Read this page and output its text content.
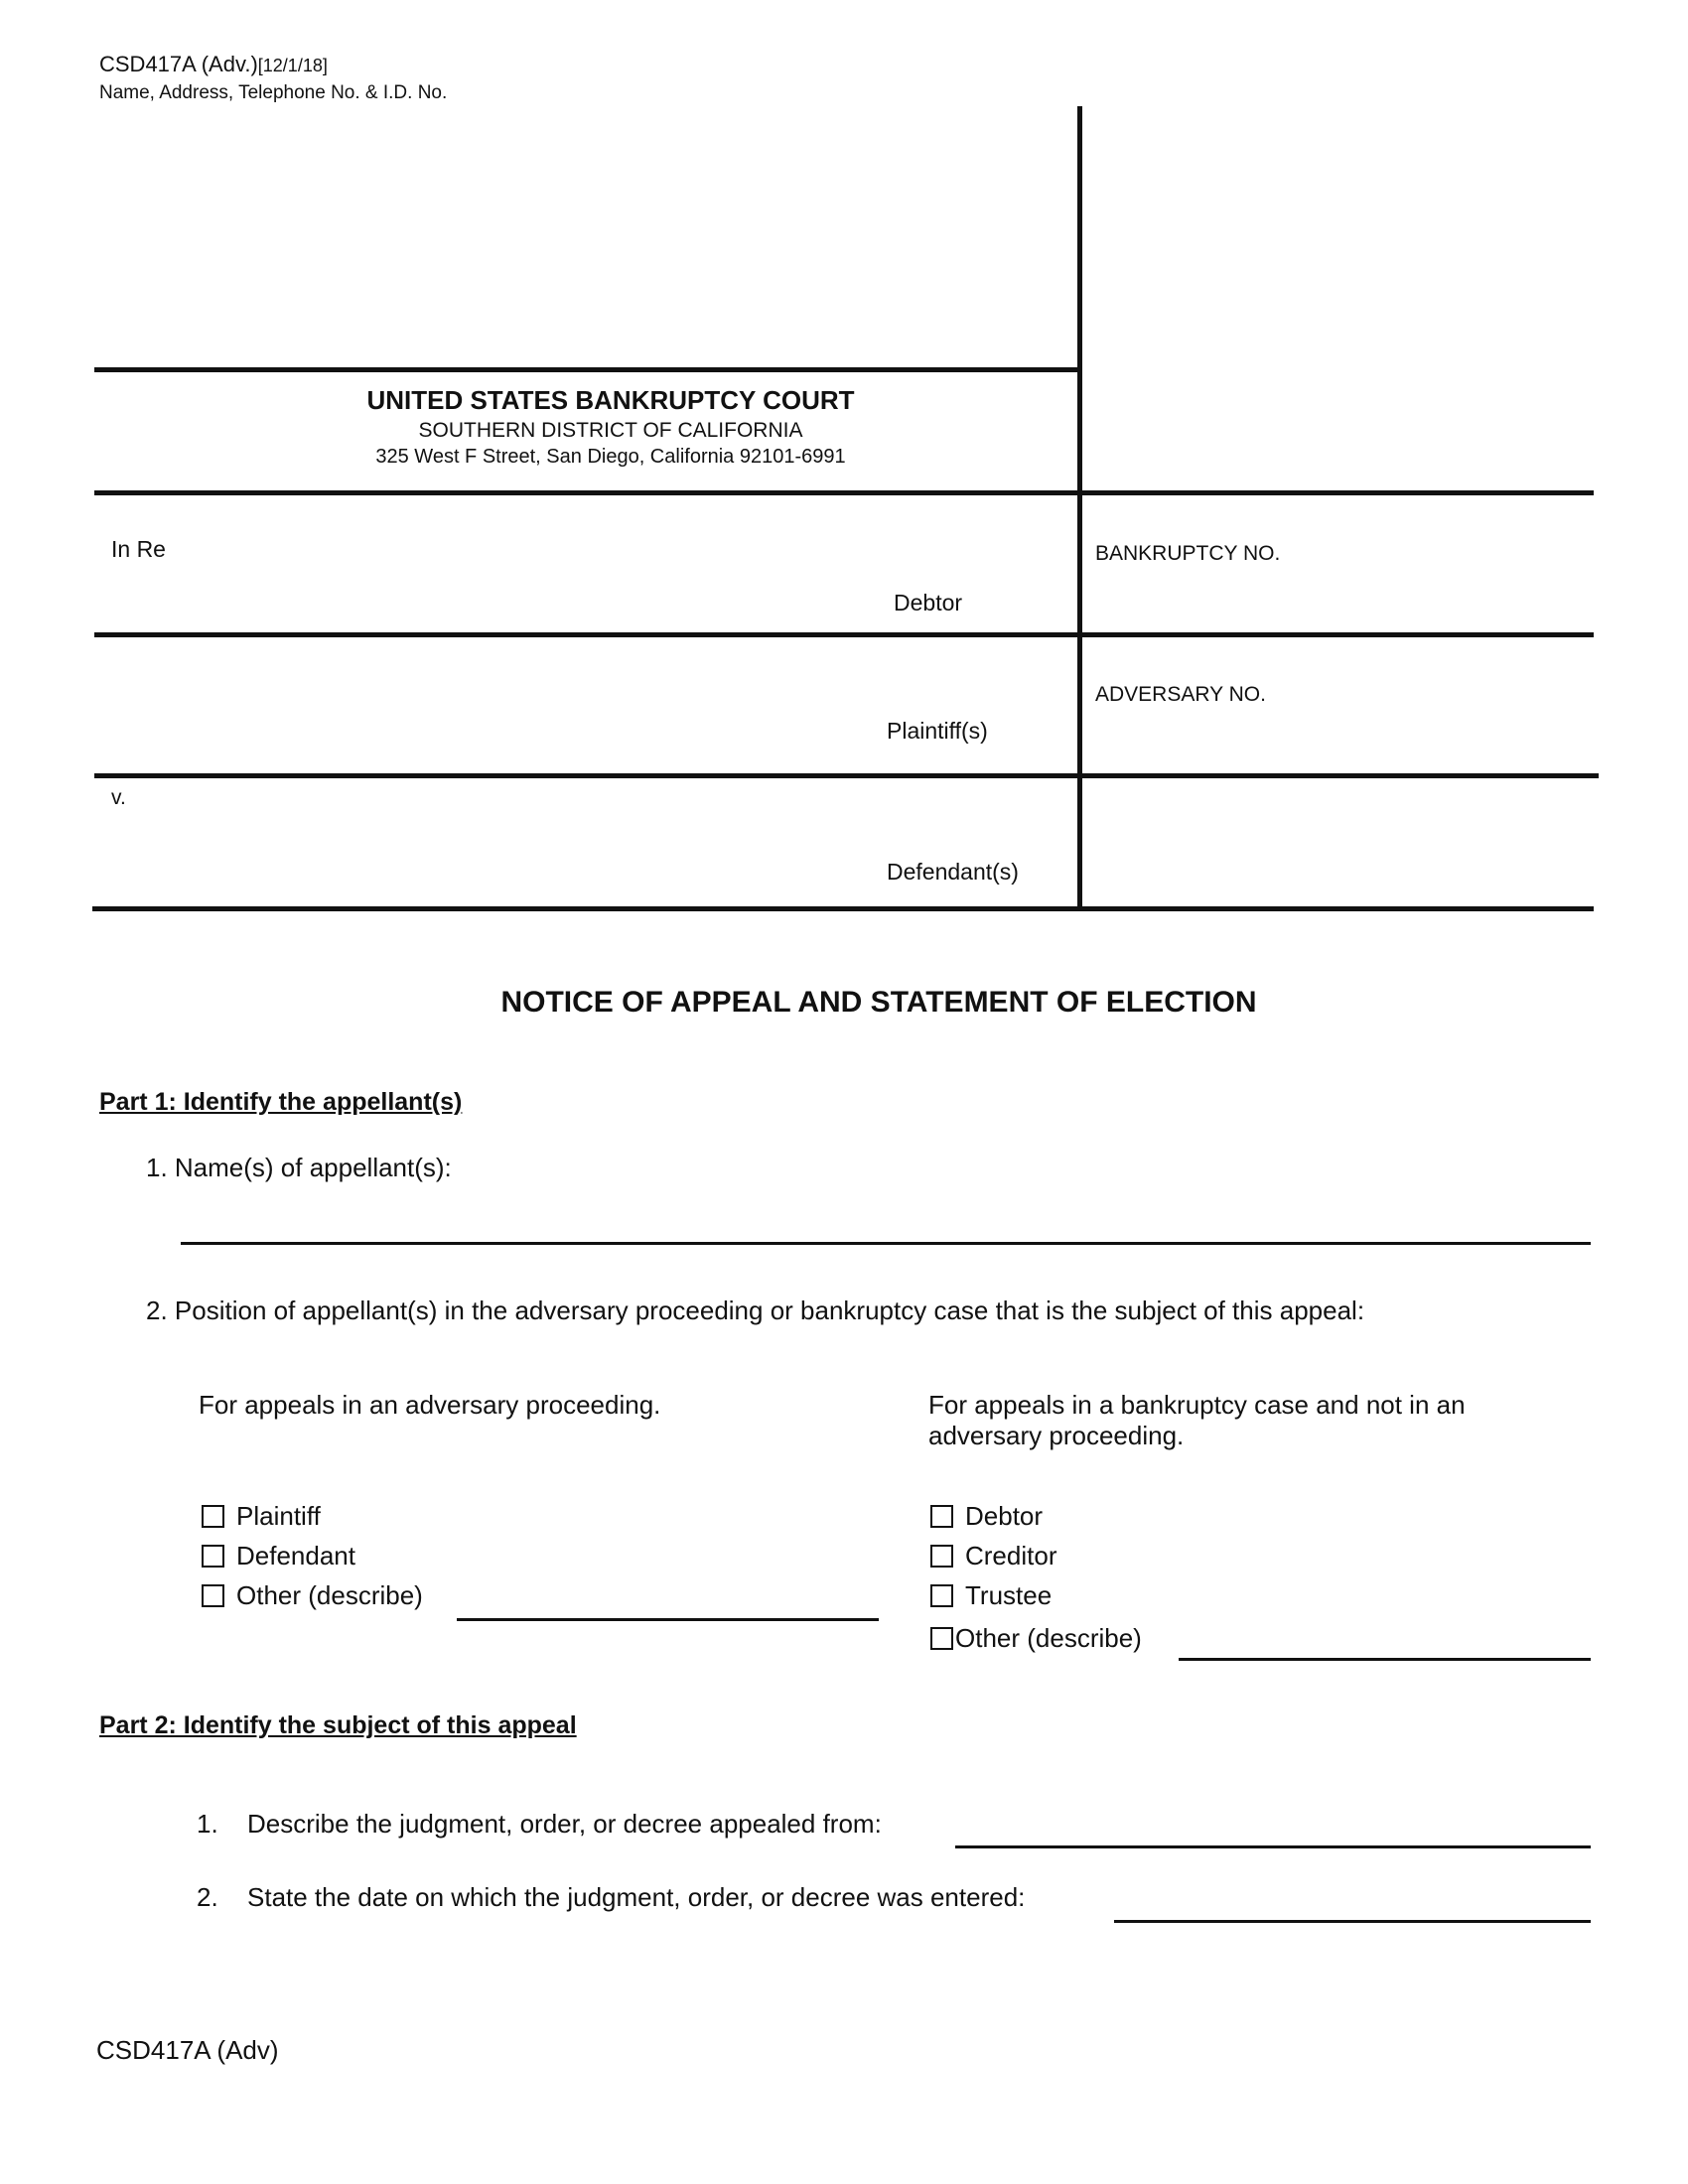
CSD417A (Adv.)[12/1/18]
Name, Address, Telephone No. & I.D. No.
UNITED STATES BANKRUPTCY COURT
SOUTHERN DISTRICT OF CALIFORNIA
325 West F Street, San Diego, California 92101-6991
In Re
Debtor
BANKRUPTCY NO.
Plaintiff(s)
ADVERSARY NO.
v.
Defendant(s)
NOTICE OF APPEAL AND STATEMENT OF ELECTION
Part 1: Identify the appellant(s)
1. Name(s) of appellant(s):
2. Position of appellant(s) in the adversary proceeding or bankruptcy case that is the subject of this appeal:
For appeals in an adversary proceeding.	For appeals in a bankruptcy case and not in an
adversary proceeding.
Plaintiff
Defendant
Other (describe)
Debtor
Creditor
Trustee
Other (describe)
Part 2: Identify the subject of this appeal
1. Describe the judgment, order, or decree appealed from:
2. State the date on which the judgment, order, or decree was entered:
CSD417A (Adv)
